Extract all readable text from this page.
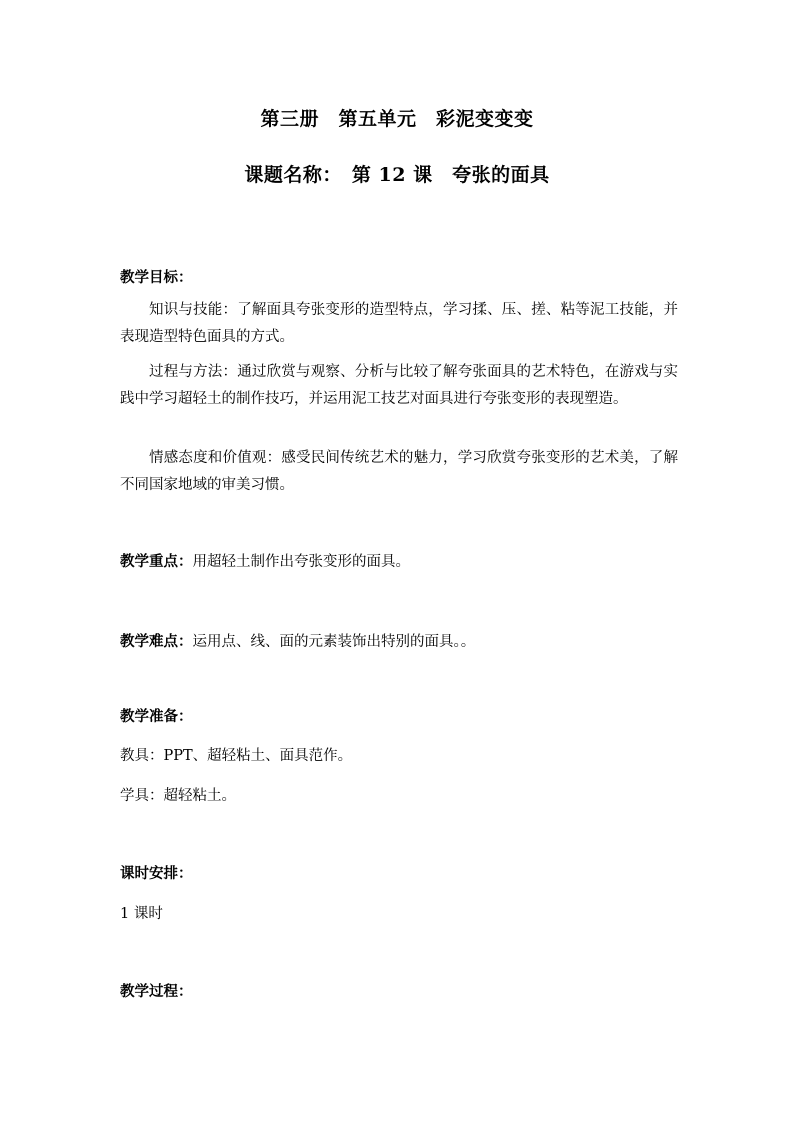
第三册　第五单元　彩泥变变变
课题名称：　第 12 课　夸张的面具
教学目标：
知识与技能：了解面具夸张变形的造型特点，学习揉、压、搓、粘等泥工技能，并表现造型特色面具的方式。
过程与方法：通过欣赏与观察、分析与比较了解夸张面具的艺术特色，在游戏与实践中学习超轻土的制作技巧，并运用泥工技艺对面具进行夸张变形的表现塑造。
情感态度和价值观：感受民间传统艺术的魅力，学习欣赏夸张变形的艺术美，了解不同国家地域的审美习惯。
教学重点：用超轻土制作出夸张变形的面具。
教学难点：运用点、线、面的元素装饰出特别的面具。。
教学准备：
教具：PPT、超轻粘土、面具范作。
学具：超轻粘土。
课时安排：
1 课时
教学过程：
